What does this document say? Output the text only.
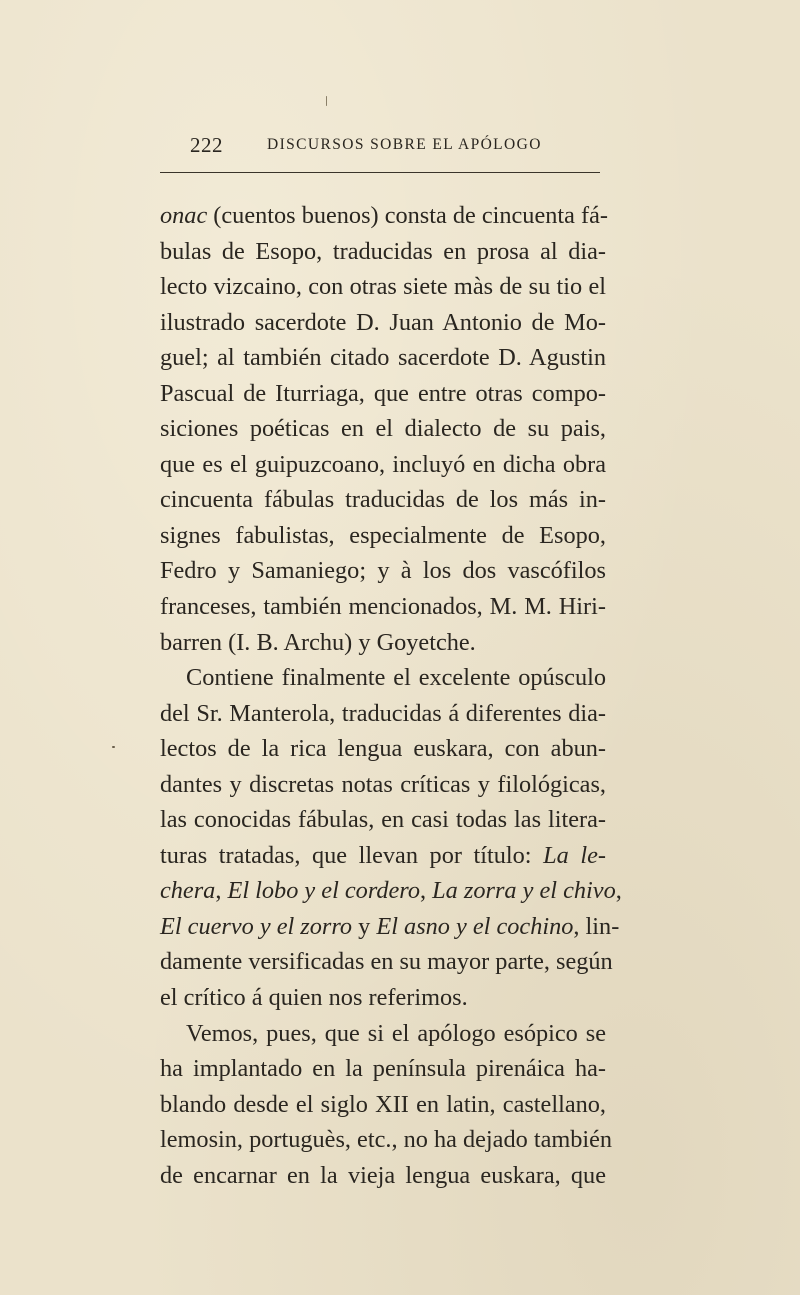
222	DISCURSOS SOBRE EL APÓLOGO
onac (cuentos buenos) consta de cincuenta fá-
bulas de Esopo, traducidas en prosa al dia-
lecto vizcaino, con otras siete màs de su tio el
ilustrado sacerdote D. Juan Antonio de Mo-
guel; al también citado sacerdote D. Agustin
Pascual de Iturriaga, que entre otras compo-
siciones poéticas en el dialecto de su pais,
que es el guipuzcoano, incluyó en dicha obra
cincuenta fábulas traducidas de los más in-
signes fabulistas, especialmente de Esopo,
Fedro y Samaniego; y à los dos vascófilos
franceses, también mencionados, M. M. Hiri-
barren (I. B. Archu) y Goyetche.
Contiene finalmente el excelente opúsculo
del Sr. Manterola, traducidas á diferentes dia-
lectos de la rica lengua euskara, con abun-
dantes y discretas notas críticas y filológicas,
las conocidas fábulas, en casi todas las litera-
turas tratadas, que llevan por título: La le-
chera, El lobo y el cordero, La zorra y el chivo,
El cuervo y el zorro y El asno y el cochino, lin-
damente versificadas en su mayor parte, según
el crítico á quien nos referimos.
Vemos, pues, que si el apólogo esópico se
ha implantado en la península pirenáica ha-
blando desde el siglo XII en latin, castellano,
lemosin, portuguès, etc., no ha dejado también
de encarnar en la vieja lengua euskara, que
